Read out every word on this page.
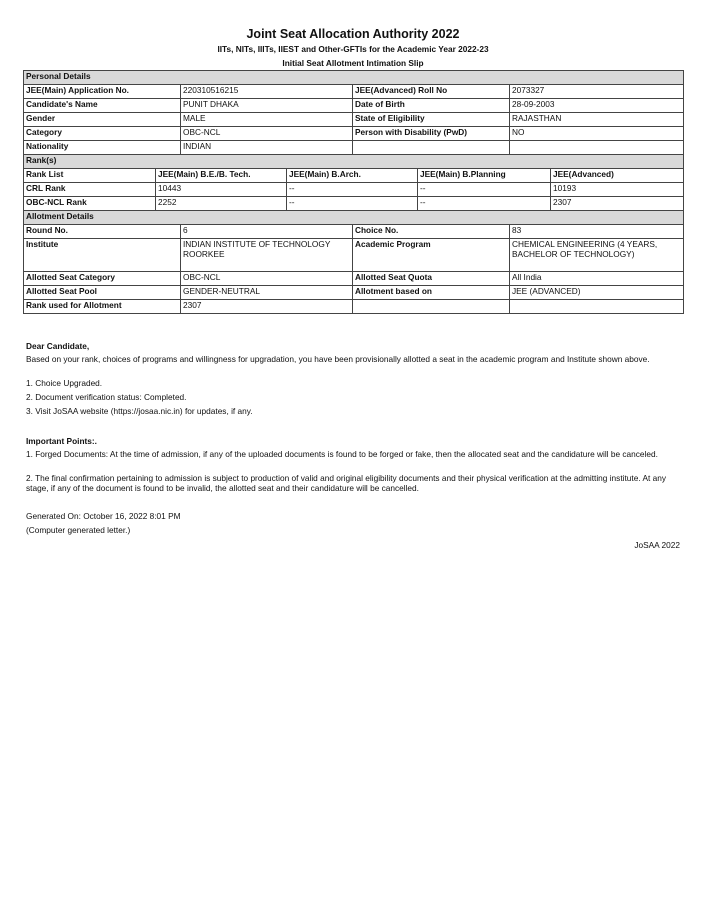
Joint Seat Allocation Authority 2022
IITs, NITs, IIITs, IIEST and Other-GFTIs for the Academic Year 2022-23
Initial Seat Allotment Intimation Slip
Personal Details							
JEE(Main) Application No.		220310516215		JEE(Advanced) Roll No		2073327	
Candidate's Name		PUNIT DHAKA		Date of Birth		28-09-2003	
Gender		MALE		State of Eligibility		RAJASTHAN	
Category		OBC-NCL		Person with Disability (PwD)		NO	
Nationality		INDIAN					
Rank(s)							
Rank List	JEE(Main) B.E./B. Tech.		JEE(Main) B.Arch.		JEE(Main) B.Planning		JEE(Advanced)
CRL Rank	10443		--		--		10193
OBC-NCL Rank	2252		--		--		2307
Allotment Details							
Round No.		6		Choice No.		83	
Institute		INDIAN INSTITUTE OF TECHNOLOGY ROORKEE		Academic Program		CHEMICAL ENGINEERING (4 YEARS, BACHELOR OF TECHNOLOGY)	
Allotted Seat Category		OBC-NCL		Allotted Seat Quota		All India	
Allotted Seat Pool		GENDER-NEUTRAL		Allotment based on		JEE (ADVANCED)	
Rank used for Allotment		2307					
Dear Candidate,
Based on your rank, choices of programs and willingness for upgradation, you have been provisionally allotted a seat in the academic program and Institute shown above.
1. Choice Upgraded.
2. Document verification status: Completed.
3. Visit JoSAA website (https://josaa.nic.in) for updates, if any.
Important Points:.
1. Forged Documents: At the time of admission, if any of the uploaded documents is found to be forged or fake, then the allocated seat and the candidature will be canceled.
2. The final confirmation pertaining to admission is subject to production of valid and original eligibility documents and their physical verification at the admitting institute. At any stage, if any of the document is found to be invalid, the allotted seat and their candidature will be cancelled.
Generated On: October 16, 2022 8:01 PM
(Computer generated letter.)
JoSAA 2022
